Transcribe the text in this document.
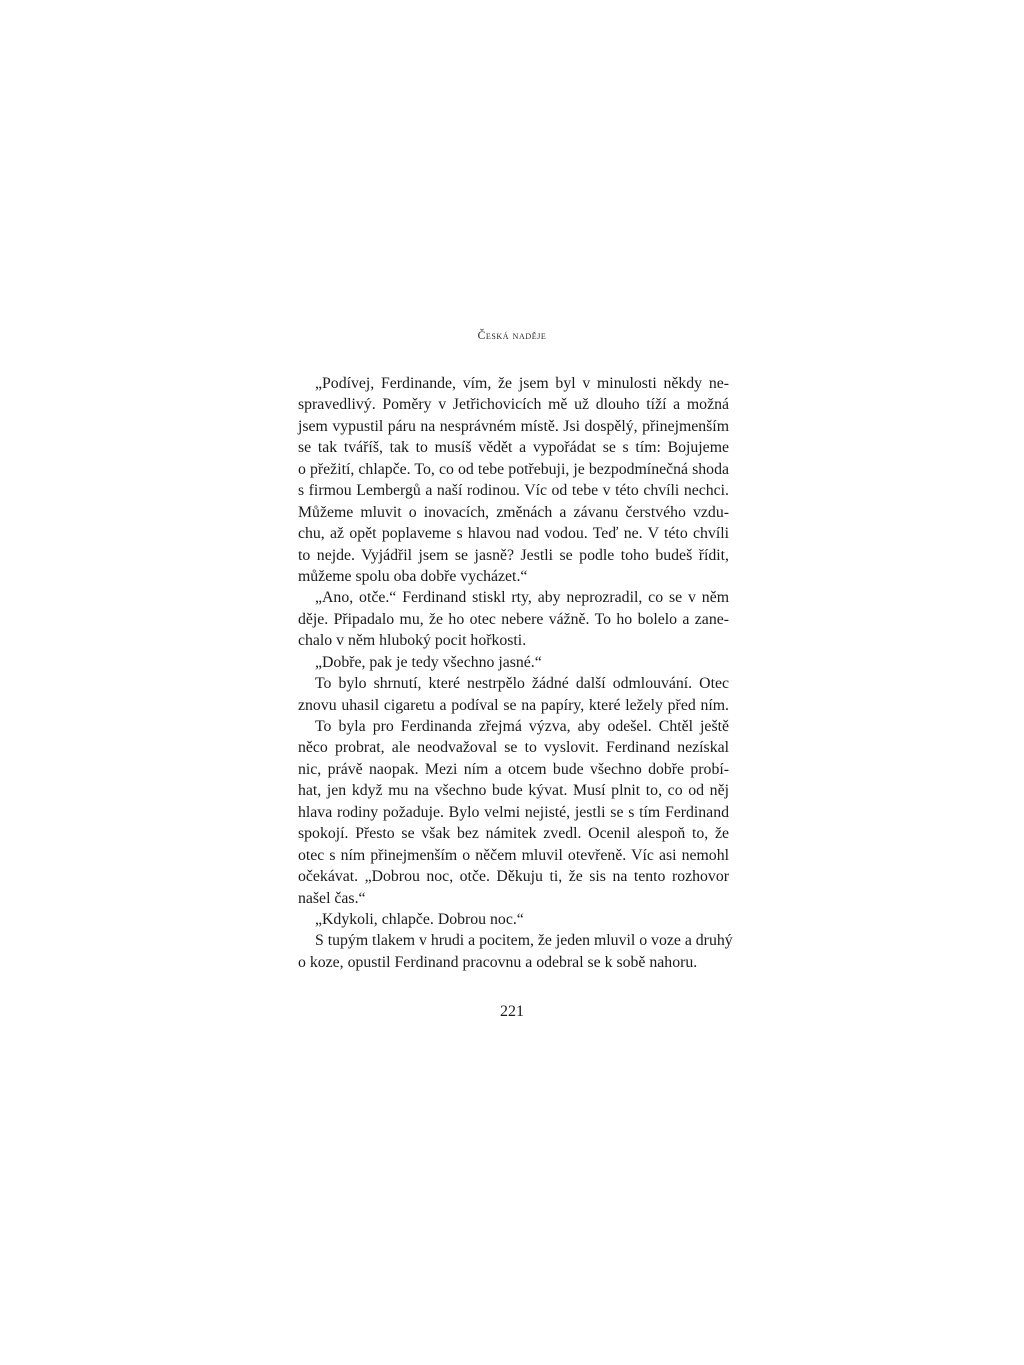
Česká naděje
„Podívej, Ferdinande, vím, že jsem byl v minulosti někdy ne-
spravedlivý. Poměry v Jetřichovicích mě už dlouho tíží a možná
jsem vypustil páru na nesprávném místě. Jsi dospělý, přinejmenším
se tak tváříš, tak to musíš vědět a vypořádat se s tím: Bojujeme
o přežití, chlapče. To, co od tebe potřebuji, je bezpodmínečná shoda
s firmou Lembergů a naší rodinou. Víc od tebe v této chvíli nechci.
Můžeme mluvit o inovacích, změnách a závanu čerstvého vzdu-
chu, až opět poplaveme s hlavou nad vodou. Teď ne. V této chvíli
to nejde. Vyjádřil jsem se jasně? Jestli se podle toho budeš řídit,
můžeme spolu oba dobře vycházet.“
„Ano, otče.“ Ferdinand stiskl rty, aby neprozradil, co se v něm
děje. Připadalo mu, že ho otec nebere vážně. To ho bolelo a zane-
chalo v něm hluboký pocit hořkosti.
„Dobře, pak je tedy všechno jasné.“
To bylo shrnutí, které nestrpělo žádné další odmlouvání. Otec
znovu uhasil cigaretu a podíval se na papíry, které ležely před ním.
To byla pro Ferdinanda zřejmá výzva, aby odešel. Chtěl ještě
něco probrat, ale neodvažoval se to vyslovit. Ferdinand nezískal
nic, právě naopak. Mezi ním a otcem bude všechno dobře probí-
hat, jen když mu na všechno bude kývat. Musí plnit to, co od něj
hlava rodiny požaduje. Bylo velmi nejisté, jestli se s tím Ferdinand
spokojí. Přesto se však bez námitek zvedl. Ocenil alespoň to, že
otec s ním přinejmenším o něčem mluvil otevřeně. Víc asi nemohl
očekávat. „Dobrou noc, otče. Děkuju ti, že sis na tento rozhovor
našel čas.“
„Kdykoli, chlapče. Dobrou noc.“
S tupým tlakem v hrudi a pocitem, že jeden mluvil o voze a druhý
o koze, opustil Ferdinand pracovnu a odebral se k sobě nahoru.
221
